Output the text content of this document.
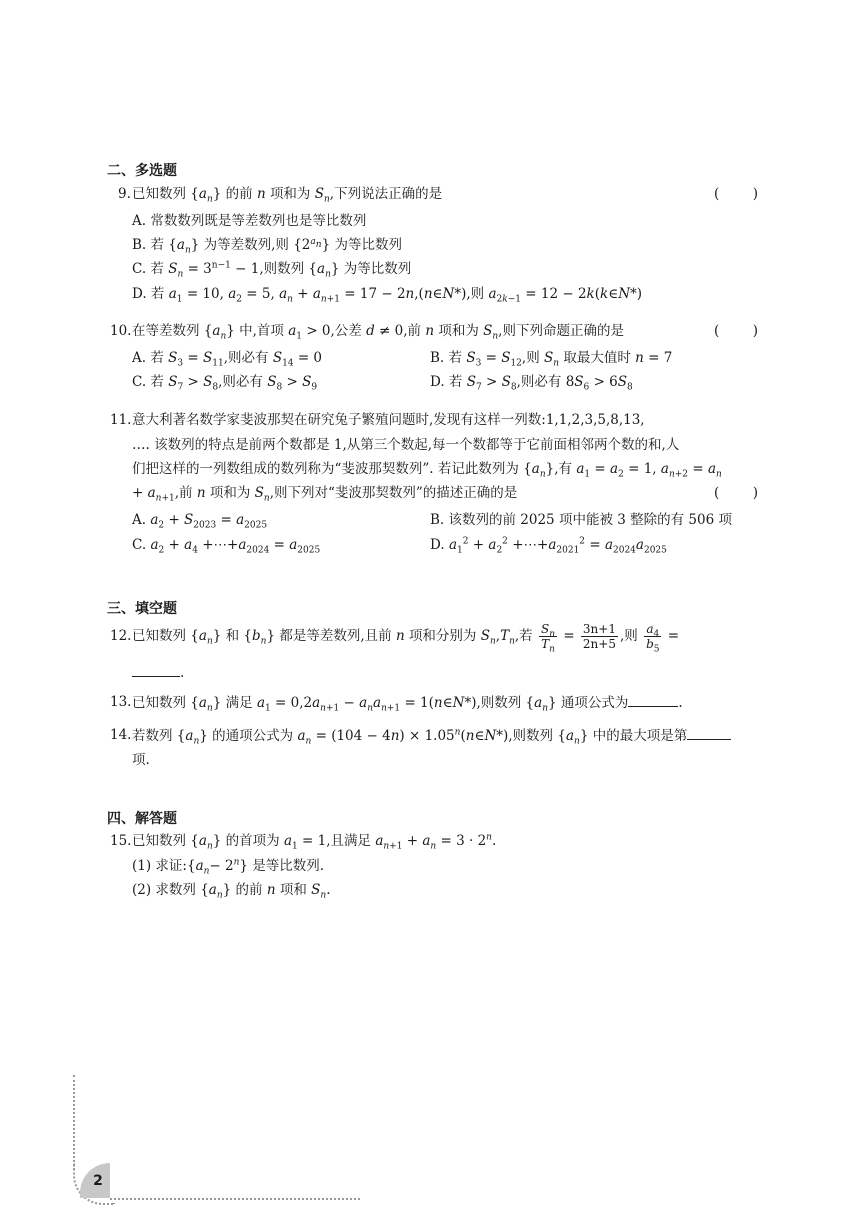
二、多选题
9. 已知数列 $\{a_n\}$ 的前 n 项和为 $S_n$,下列说法正确的是	( )
A. 常数数列既是等差数列也是等比数列
B. 若 $\{a_n\}$ 为等差数列,则 $\{2^{a_n}\}$ 为等比数列
C. 若 $S_n = 3^{n-1} - 1$,则数列 $\{a_n\}$ 为等比数列
D. 若 $a_1 = 10$, $a_2 = 5$, $a_n + a_{n+1} = 17$ − 2n,(n∈N*),则 $a_{2k-1} = 12$ − 2k(k∈N*)
10. 在等差数列 $\{a_n\}$ 中,首项 $a_1 > 0$,公差 d ≠ 0,前 n 项和为 $S_n$,则下列命题正确的是	( )
A. 若 $S_3 = S_{11}$,则必有 $S_{14} = 0$	B. 若 $S_3 = S_{12}$,则 $S_n$ 取最大值时 n = 7
C. 若 $S_7 > S_8$,则必有 $S_8 > S_9$	D. 若 $S_7 > S_8$,则必有 $8S_6 > 6S_8$
11. 意大利著名数学家斐波那契在研究兔子繁殖问题时,发现有这样一列数:1,1,2,3,5,8,13,
…. 该数列的特点是前两个数都是 1,从第三个数起,每一个数都等于它前面相邻两个数的和,人
们把这样的一列数组成的数列称为“斐波那契数列”. 若记此数列为 $\{a_n\}$,有 $a_1 = a_2 = 1$, $a_{n+2} = a_n$
+ $a_{n+1}$,前 n 项和为 $S_n$,则下列对“斐波那契数列”的描述正确的是	( )
A. $a_2 + S_{2023} = a_{2025}$	B. 该数列的前 2025 项中能被 3 整除的有 506 项
C. $a_2 + a_4$ $+\cdots+a_{2024} = a_{2025}$	D. $a_1^2 + a_2^2$ $+\cdots+a_{2021}^2 = a_{2024}a_{2025}$
三、填空题
12. 已知数列 $\{a_n\}$ 和 $\{b_n\}$ 都是等差数列,且前 n 项和分别为 $S_n,T_n$,若 $\frac{S_n}{T_n} = \frac{3n+1}{2n+5}$ ,则 $\frac{a_4}{b_5}$ =
.
13. 已知数列 $\{a_n\}$ 满足 $a_1 = 0,2a_{n+1} - a_na_{n+1}$ = 1(n∈N*),则数列 $\{a_n\}$ 通项公式为	.
14. 若数列 $\{a_n\}$ 的通项公式为 $a_n = (104 - 4n)$ × $1.05^n(n\in N*)$,则数列 $\{a_n\}$ 中的最大项是第
项.
四、解答题
15. 已知数列 $\{a_n\}$ 的首项为 $a_1 = 1$,且满足 $a_{n+1} + a_n = 3 \cdot 2^n$.
(1) 求证$:\{a_n- 2^n\}$ 是等比数列.
(2) 求数列 $\{a_n\}$ 的前 n 项和 $S_n$.
2
